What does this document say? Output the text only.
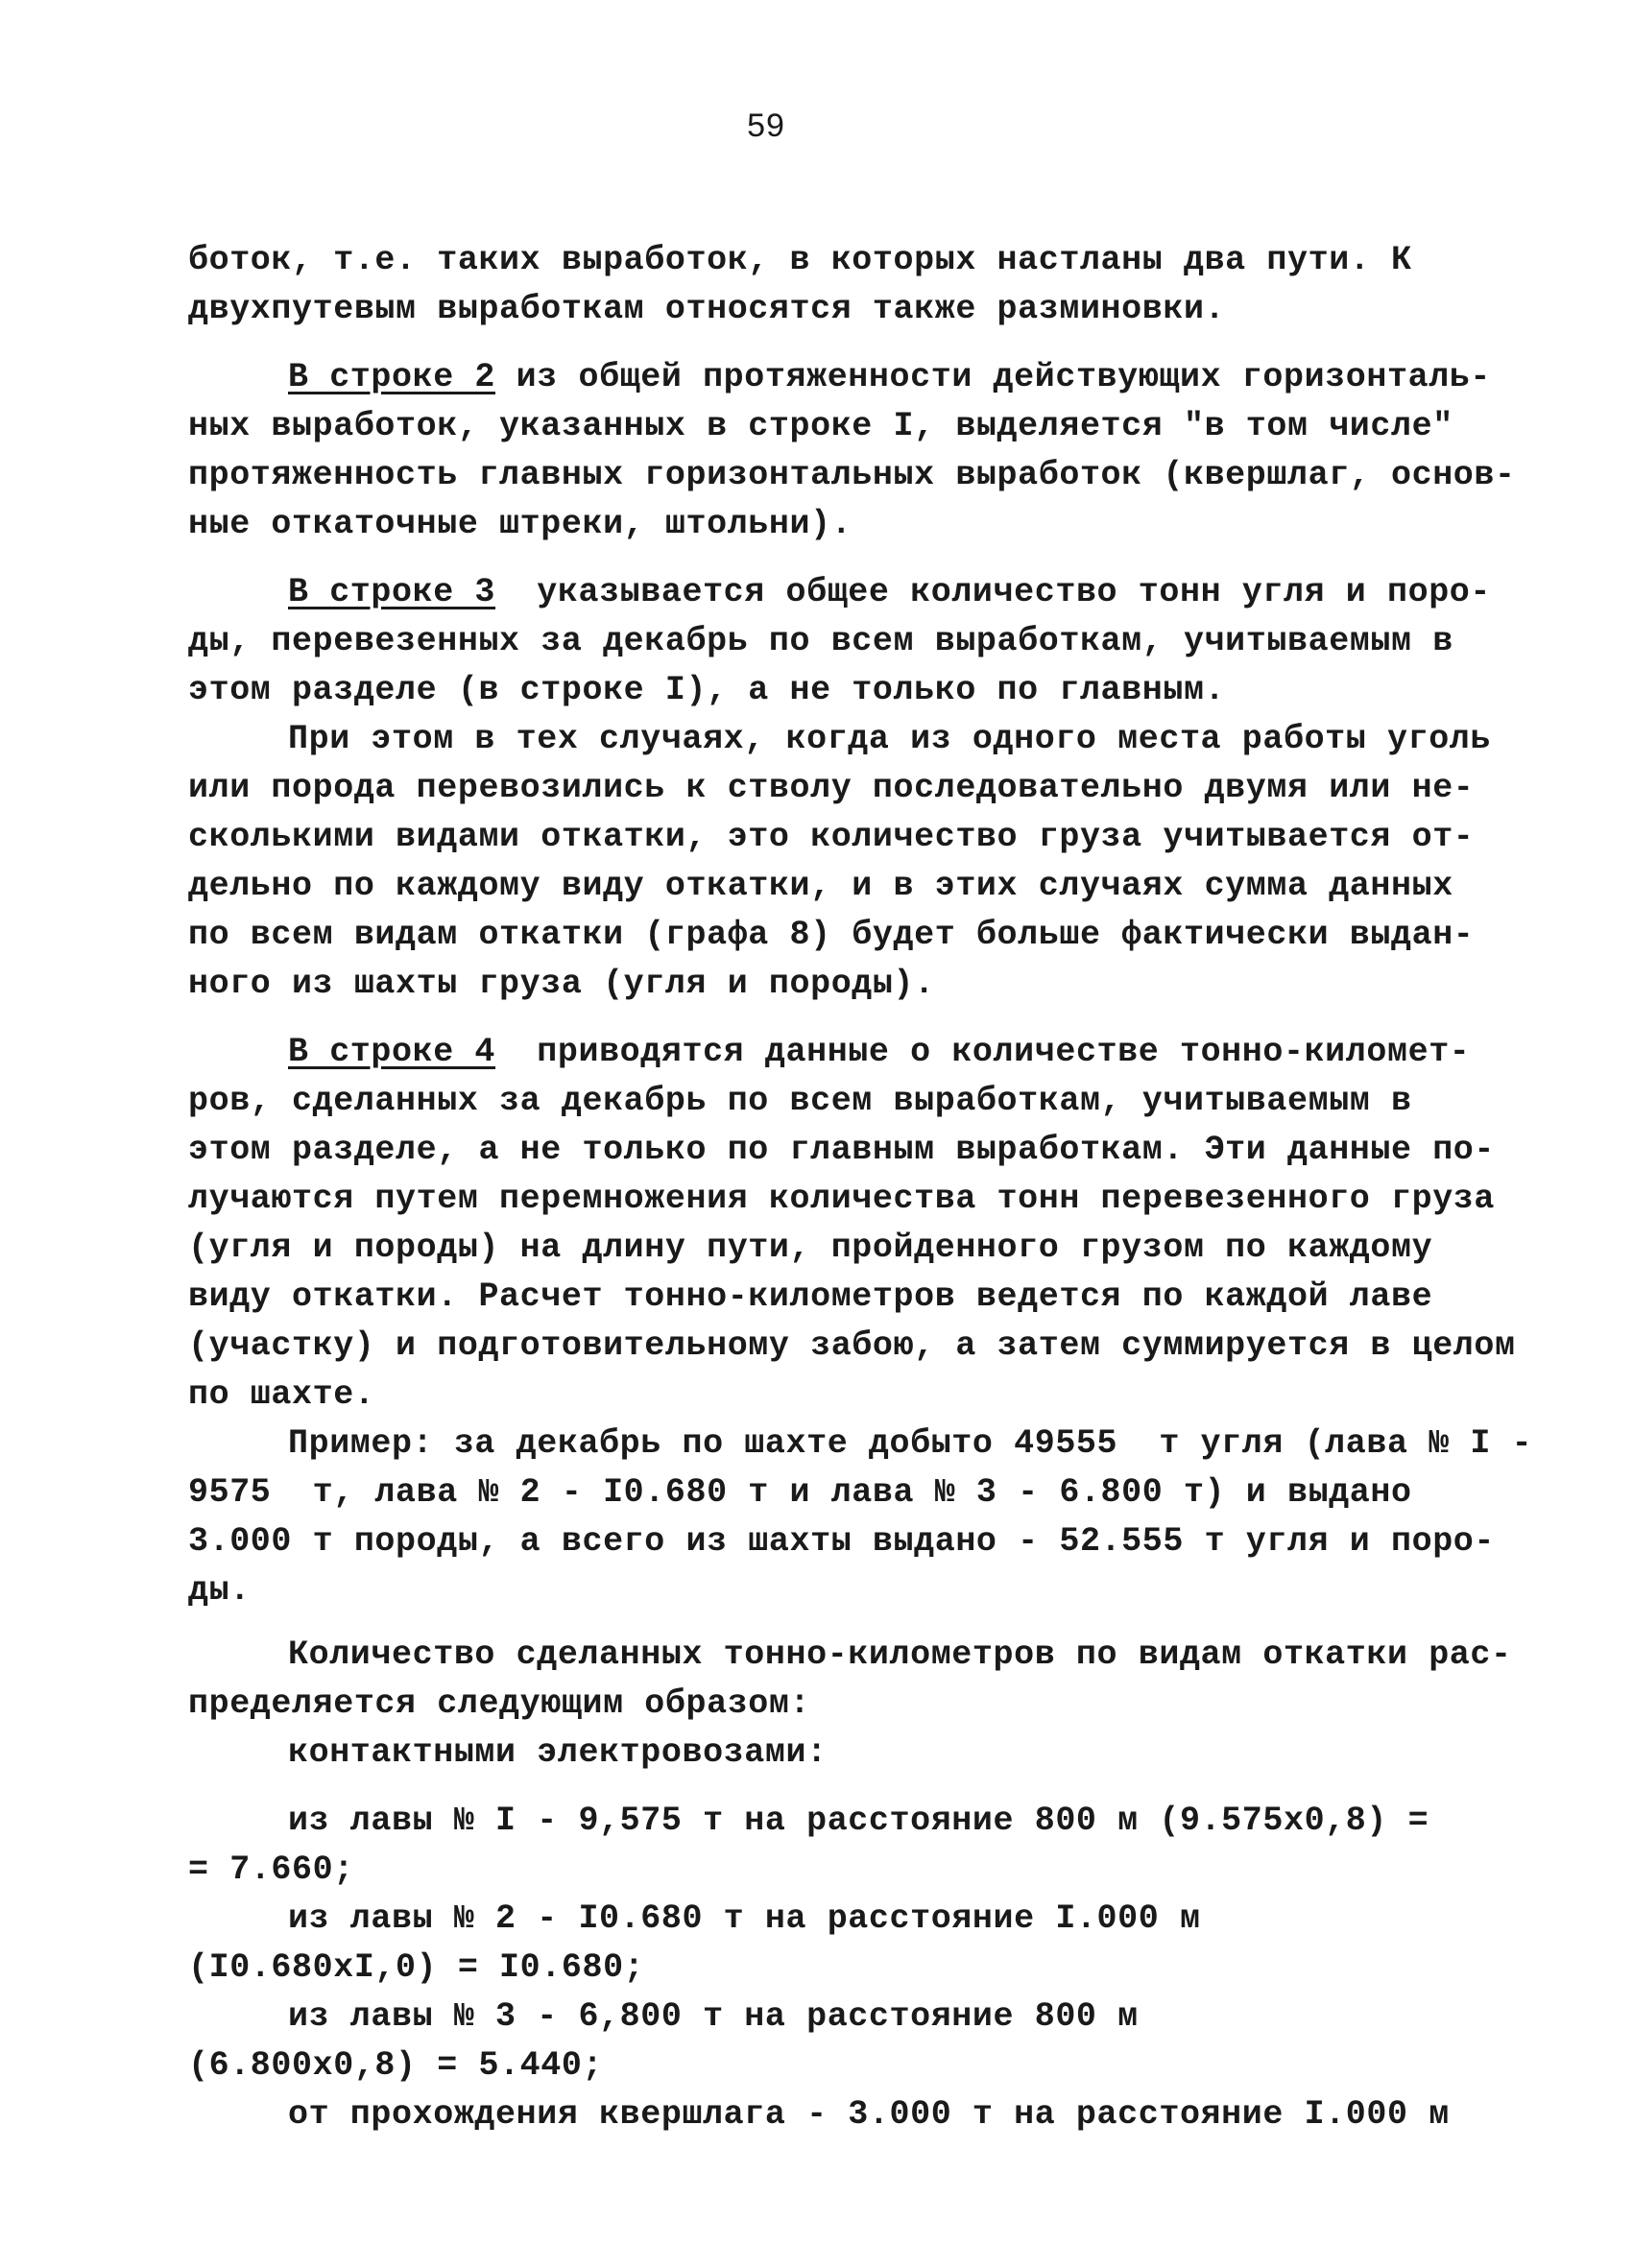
59
боток, т.е. таких выработок, в которых настланы два пути. К
двухпутевым выработкам относятся также разминовки.
В строке 2 из общей протяженности действующих горизонталь-
ных выработок, указанных в строке I, выделяется "в том числе"
протяженность главных горизонтальных выработок (квершлаг, основ-
ные откаточные штреки, штольни).
В строке 3  указывается общее количество тонн угля и поро-
ды, перевезенных за декабрь по всем выработкам, учитываемым в
этом разделе (в строке I), а не только по главным.
При этом в тех случаях, когда из одного места работы уголь
или порода перевозились к стволу последовательно двумя или не-
сколькими видами откатки, это количество груза учитывается от-
дельно по каждому виду откатки, и в этих случаях сумма данных
по всем видам откатки (графа 8) будет больше фактически выдан-
ного из шахты груза (угля и породы).
В строке 4  приводятся данные о количестве тонно-километ-
ров, сделанных за декабрь по всем выработкам, учитываемым в
этом разделе, а не только по главным выработкам. Эти данные по-
лучаются путем перемножения количества тонн перевезенного груза
(угля и породы) на длину пути, пройденного грузом по каждому
виду откатки. Расчет тонно-километров ведется по каждой лаве
(участку) и подготовительному забою, а затем суммируется в целом
по шахте.
Пример: за декабрь по шахте добыто 49555  т угля (лава № I -
9575  т, лава № 2 - I0.680 т и лава № 3 - 6.800 т) и выдано
3.000 т породы, а всего из шахты выдано - 52.555 т угля и поро-
ды.
Количество сделанных тонно-километров по видам откатки рас-
пределяется следующим образом:
контактными электровозами:
из лавы № I - 9,575 т на расстояние 800 м (9.575х0,8) =
= 7.660;
из лавы № 2 - I0.680 т на расстояние I.000 м
(I0.680хI,0) = I0.680;
из лавы № 3 - 6,800 т на расстояние 800 м
(6.800х0,8) = 5.440;
от прохождения квершлага - 3.000 т на расстояние I.000 м
